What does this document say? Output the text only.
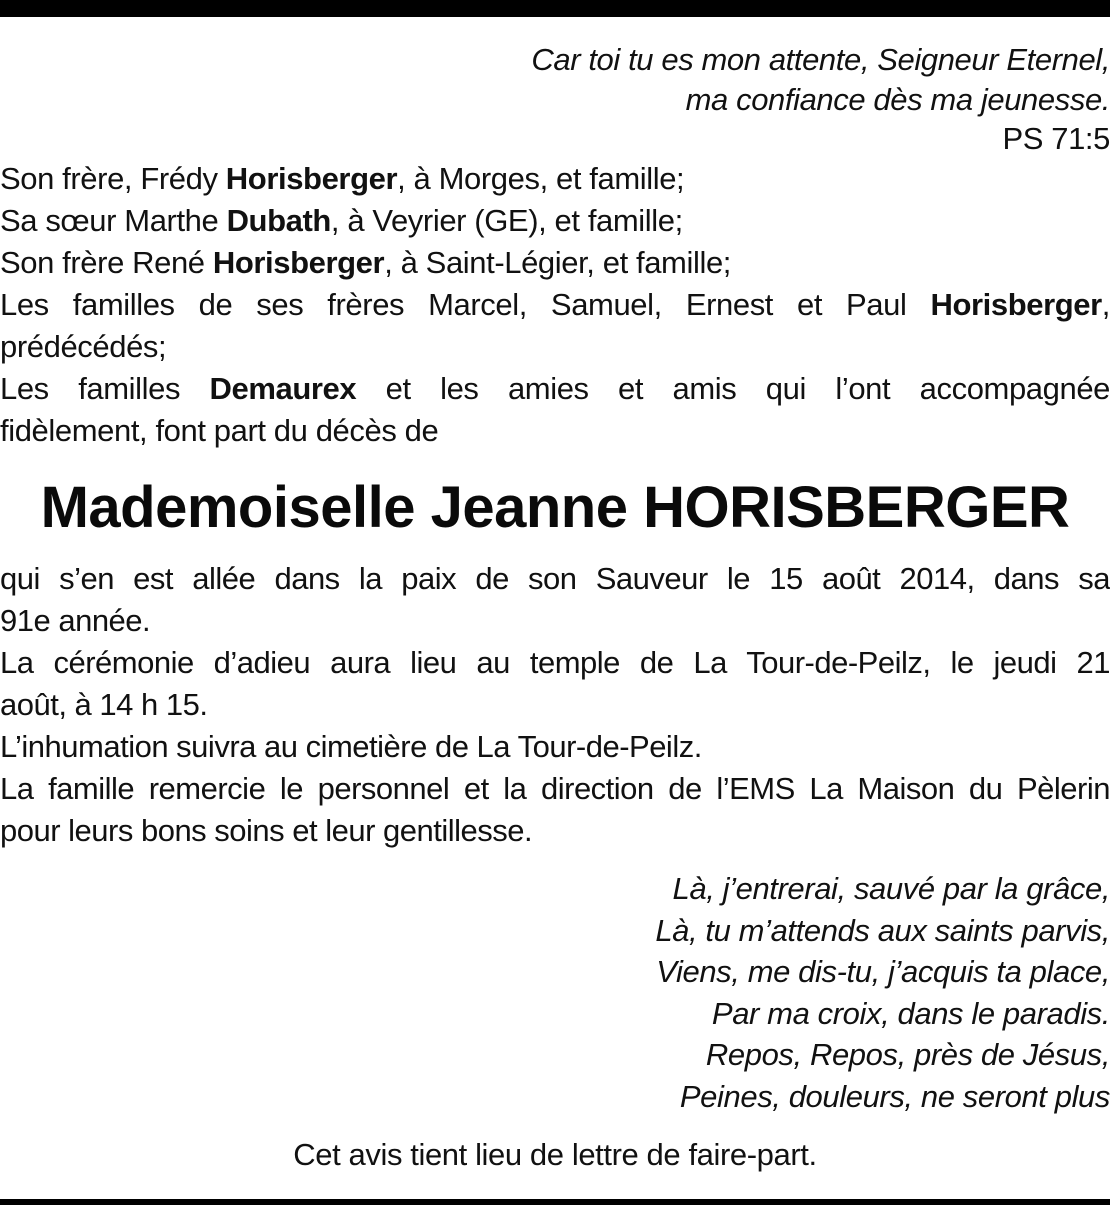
Car toi tu es mon attente, Seigneur Eternel,
ma confiance dès ma jeunesse.
PS 71:5
Son frère, Frédy Horisberger, à Morges, et famille;
Sa sœur Marthe Dubath, à Veyrier (GE), et famille;
Son frère René Horisberger, à Saint-Légier, et famille;
Les familles de ses frères Marcel, Samuel, Ernest et Paul Horisberger,
prédécédés;
Les familles Demaurex et les amies et amis qui l’ont accompagnée
fidèlement, font part du décès de
Mademoiselle Jeanne HORISBERGER
qui s’en est allée dans la paix de son Sauveur le 15 août 2014, dans sa
91e année.
La cérémonie d’adieu aura lieu au temple de La Tour-de-Peilz, le jeudi 21
août, à 14 h 15.
L’inhumation suivra au cimetière de La Tour-de-Peilz.
La famille remercie le personnel et la direction de l’EMS La Maison du Pèlerin
pour leurs bons soins et leur gentillesse.
Là, j’entrerai, sauvé par la grâce,
Là, tu m’attends aux saints parvis,
Viens, me dis-tu, j’acquis ta place,
Par ma croix, dans le paradis.
Repos, Repos, près de Jésus,
Peines, douleurs, ne seront plus
Cet avis tient lieu de lettre de faire-part.
